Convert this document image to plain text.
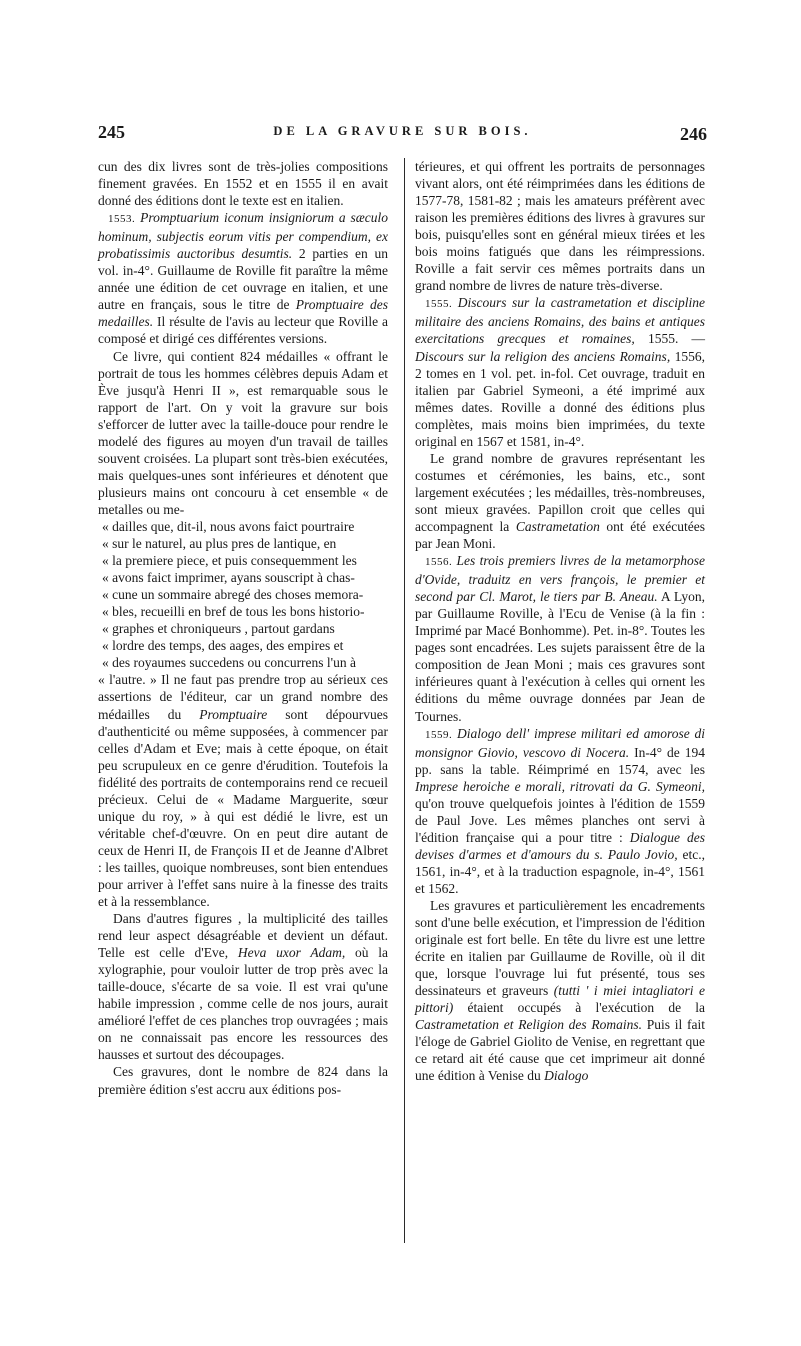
245	DE LA GRAVURE SUR BOIS.	246

cun des dix livres sont de très-jolies compositions finement gravées. En 1552 et en 1555 il en avait donné des éditions dont le texte est en italien.

1553. Promptuarium iconum insigniorum a sæculo hominum, subjectis eorum vitis per compendium, ex probatissimis auctoribus desumtis. 2 parties en un vol. in-4°. Guillaume de Roville fit paraître la même année une édition de cet ouvrage en italien, et une autre en français, sous le titre de Promptuaire des medailles. Il résulte de l'avis au lecteur que Roville a composé et dirigé ces différentes versions.

Ce livre, qui contient 824 médailles « offrant le portrait de tous les hommes célèbres depuis Adam et Ève jusqu'à Henri II », est remarquable sous le rapport de l'art. On y voit la gravure sur bois s'efforcer de lutter avec la taille-douce pour rendre le modelé des figures au moyen d'un travail de tailles souvent croisées. La plupart sont très-bien exécutées, mais quelques-unes sont inférieures et dénotent que plusieurs mains ont concouru à cet ensemble « de metalles ou me-

« dailles que, dit-il, nous avons faict pourtraire
« sur le naturel, au plus pres de lantique, en
« la premiere piece, et puis consequemment les
« avons faict imprimer, ayans souscript à chas-
« cune un sommaire abregé des choses memora-
« bles, recueilli en bref de tous les bons historio-
« graphes et chroniqueurs , partout gardans
« lordre des temps, des aages, des empires et
« des royaumes succedens ou concurrens l'un à

« l'autre. » Il ne faut pas prendre trop au sérieux ces assertions de l'éditeur, car un grand nombre des médailles du Promptuaire sont dépourvues d'authenticité ou même supposées, à commencer par celles d'Adam et Eve; mais à cette époque, on était peu scrupuleux en ce genre d'érudition. Toutefois la fidélité des portraits de contemporains rend ce recueil précieux. Celui de « Madame Marguerite, sœur unique du roy, » à qui est dédié le livre, est un véritable chef-d'œuvre. On en peut dire autant de ceux de Henri II, de François II et de Jeanne d'Albret : les tailles, quoique nombreuses, sont bien entendues pour arriver à l'effet sans nuire à la finesse des traits et à la ressemblance.

Dans d'autres figures , la multiplicité des tailles rend leur aspect désagréable et devient un défaut. Telle est celle d'Eve, Heva uxor Adam, où la xylographie, pour vouloir lutter de trop près avec la taille-douce, s'écarte de sa voie. Il est vrai qu'une habile impression , comme celle de nos jours, aurait amélioré l'effet de ces planches trop ouvragées ; mais on ne connaissait pas encore les ressources des hausses et surtout des découpages.

Ces gravures, dont le nombre de 824 dans la première édition s'est accru aux éditions pos-

térieures, et qui offrent les portraits de personnages vivant alors, ont été réimprimées dans les éditions de 1577-78, 1581-82 ; mais les amateurs préfèrent avec raison les premières éditions des livres à gravures sur bois, puisqu'elles sont en général mieux tirées et les bois moins fatigués que dans les réimpressions. Roville a fait servir ces mêmes portraits dans un grand nombre de livres de nature très-diverse.

1555. Discours sur la castrametation et discipline militaire des anciens Romains, des bains et antiques exercitations grecques et romaines, 1555. — Discours sur la religion des anciens Romains, 1556, 2 tomes en 1 vol. pet. in-fol. Cet ouvrage, traduit en italien par Gabriel Symeoni, a été imprimé aux mêmes dates. Roville a donné des éditions plus complètes, mais moins bien imprimées, du texte original en 1567 et 1581, in-4°.

Le grand nombre de gravures représentant les costumes et cérémonies, les bains, etc., sont largement exécutées ; les médailles, très-nombreuses, sont mieux gravées. Papillon croit que celles qui accompagnent la Castrametation ont été exécutées par Jean Moni.

1556. Les trois premiers livres de la metamorphose d'Ovide, traduitz en vers françois, le premier et second par Cl. Marot, le tiers par B. Aneau. A Lyon, par Guillaume Roville, à l'Ecu de Venise (à la fin : Imprimé par Macé Bonhomme). Pet. in-8°. Toutes les pages sont encadrées. Les sujets paraissent être de la composition de Jean Moni ; mais ces gravures sont inférieures quant à l'exécution à celles qui ornent les éditions du même ouvrage données par Jean de Tournes.

1559. Dialogo dell' imprese militari ed amorose di monsignor Giovio, vescovo di Nocera. In-4° de 194 pp. sans la table. Réimprimé en 1574, avec les Imprese heroiche e morali, ritrovati da G. Symeoni, qu'on trouve quelquefois jointes à l'édition de 1559 de Paul Jove. Les mêmes planches ont servi à l'édition française qui a pour titre : Dialogue des devises d'armes et d'amours du s. Paulo Jovio, etc., 1561, in-4°, et à la traduction espagnole, in-4°, 1561 et 1562.

Les gravures et particulièrement les encadrements sont d'une belle exécution, et l'impression de l'édition originale est fort belle. En tête du livre est une lettre écrite en italien par Guillaume de Roville, où il dit que, lorsque l'ouvrage lui fut présenté, tous ses dessinateurs et graveurs (tutti ' i miei intagliatori e pittori) étaient occupés à l'exécution de la Castrametation et Religion des Romains. Puis il fait l'éloge de Gabriel Giolito de Venise, en regrettant que ce retard ait été cause que cet imprimeur ait donné une édition à Venise du Dialogo
